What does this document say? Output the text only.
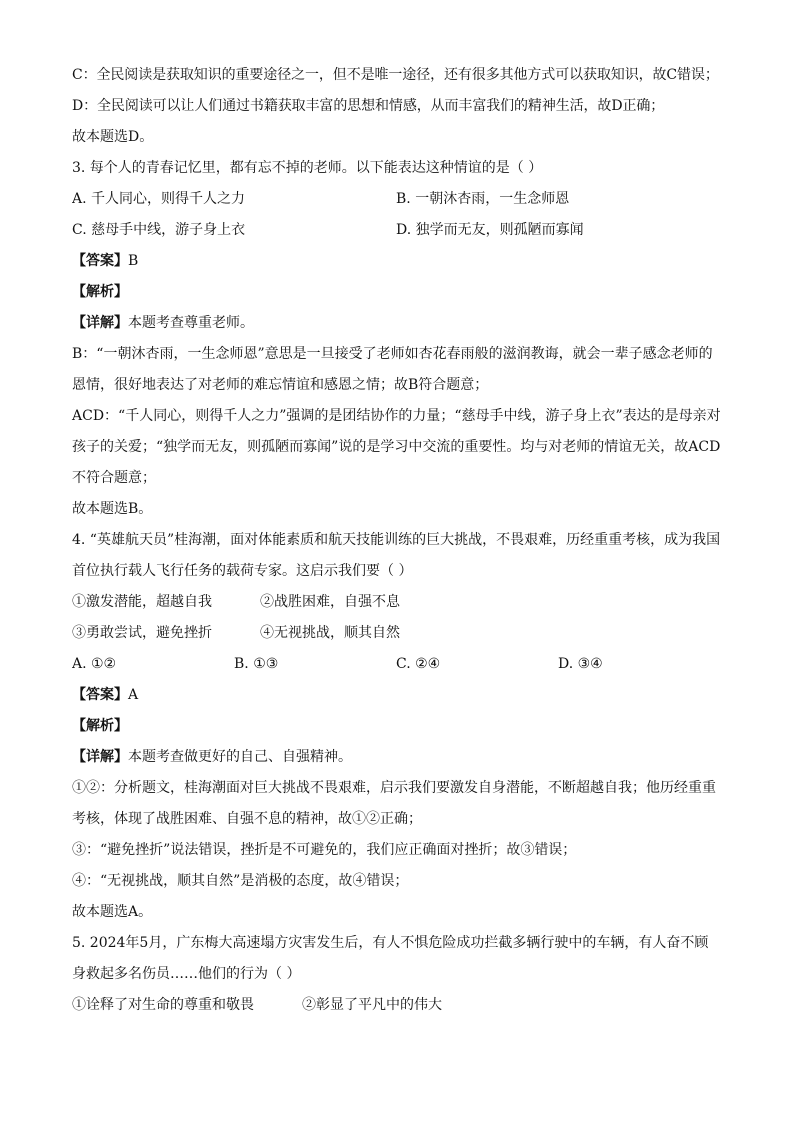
C：全民阅读是获取知识的重要途径之一，但不是唯一途径，还有很多其他方式可以获取知识，故C错误；
D：全民阅读可以让人们通过书籍获取丰富的思想和情感，从而丰富我们的精神生活，故D正确；
故本题选D。
3. 每个人的青春记忆里，都有忘不掉的老师。以下能表达这种情谊的是（ ）
A. 千人同心，则得千人之力	B. 一朝沐杏雨，一生念师恩
C. 慈母手中线，游子身上衣	D. 独学而无友，则孤陋而寡闻
【答案】B
【解析】
【详解】本题考查尊重老师。
B：“一朝沐杏雨，一生念师恩”意思是一旦接受了老师如杏花春雨般的滋润教诲，就会一辈子感念老师的恩情，很好地表达了对老师的难忘情谊和感恩之情；故B符合题意；
ACD：“千人同心，则得千人之力”强调的是团结协作的力量；“慈母手中线，游子身上衣”表达的是母亲对孩子的关爱；“独学而无友，则孤陋而寡闻”说的是学习中交流的重要性。均与对老师的情谊无关，故ACD不符合题意；
故本题选B。
4. “英雄航天员”桂海潮，面对体能素质和航天技能训练的巨大挑战，不畏艰难，历经重重考核，成为我国首位执行载人飞行任务的载荷专家。这启示我们要（ ）
①激发潜能，超越自我	②战胜困难，自强不息
③勇敢尝试，避免挫折	④无视挑战，顺其自然
A. ①②	B. ①③	C. ②④	D. ③④
【答案】A
【解析】
【详解】本题考查做更好的自己、自强精神。
①②：分析题文，桂海潮面对巨大挑战不畏艰难，启示我们要激发自身潜能，不断超越自我；他历经重重考核，体现了战胜困难、自强不息的精神，故①②正确；
③：“避免挫折”说法错误，挫折是不可避免的，我们应正确面对挫折；故③错误；
④：“无视挑战，顺其自然”是消极的态度，故④错误；
故本题选A。
5. 2024年5月，广东梅大高速塌方灾害发生后，有人不惧危险成功拦截多辆行驶中的车辆，有人奋不顾身救起多名伤员……他们的行为（ ）
①诠释了对生命的尊重和敬畏	②彰显了平凡中的伟大
